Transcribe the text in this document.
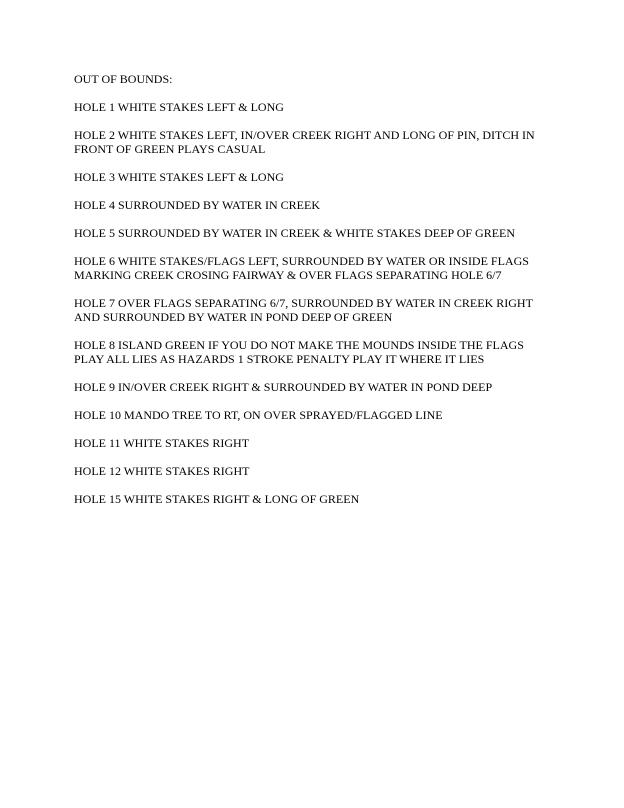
OUT OF BOUNDS:
HOLE 1 WHITE STAKES LEFT & LONG
HOLE 2 WHITE STAKES LEFT, IN/OVER CREEK RIGHT AND LONG OF PIN, DITCH IN
FRONT OF GREEN PLAYS CASUAL
HOLE 3 WHITE STAKES LEFT & LONG
HOLE 4 SURROUNDED BY WATER IN CREEK
HOLE 5 SURROUNDED BY WATER IN CREEK & WHITE STAKES DEEP OF GREEN
HOLE 6 WHITE STAKES/FLAGS LEFT, SURROUNDED BY WATER OR INSIDE FLAGS
MARKING CREEK CROSING FAIRWAY & OVER FLAGS SEPARATING HOLE 6/7
HOLE 7 OVER FLAGS SEPARATING 6/7, SURROUNDED BY WATER IN CREEK RIGHT
AND SURROUNDED BY WATER IN POND DEEP OF GREEN
HOLE 8 ISLAND GREEN IF YOU DO NOT MAKE THE MOUNDS INSIDE THE FLAGS
PLAY ALL LIES AS HAZARDS 1 STROKE PENALTY PLAY IT WHERE IT LIES
HOLE 9 IN/OVER CREEK RIGHT & SURROUNDED BY WATER IN POND DEEP
HOLE 10 MANDO TREE TO RT, ON OVER SPRAYED/FLAGGED LINE
HOLE 11 WHITE STAKES RIGHT
HOLE 12 WHITE STAKES RIGHT
HOLE 15 WHITE STAKES RIGHT & LONG OF GREEN
